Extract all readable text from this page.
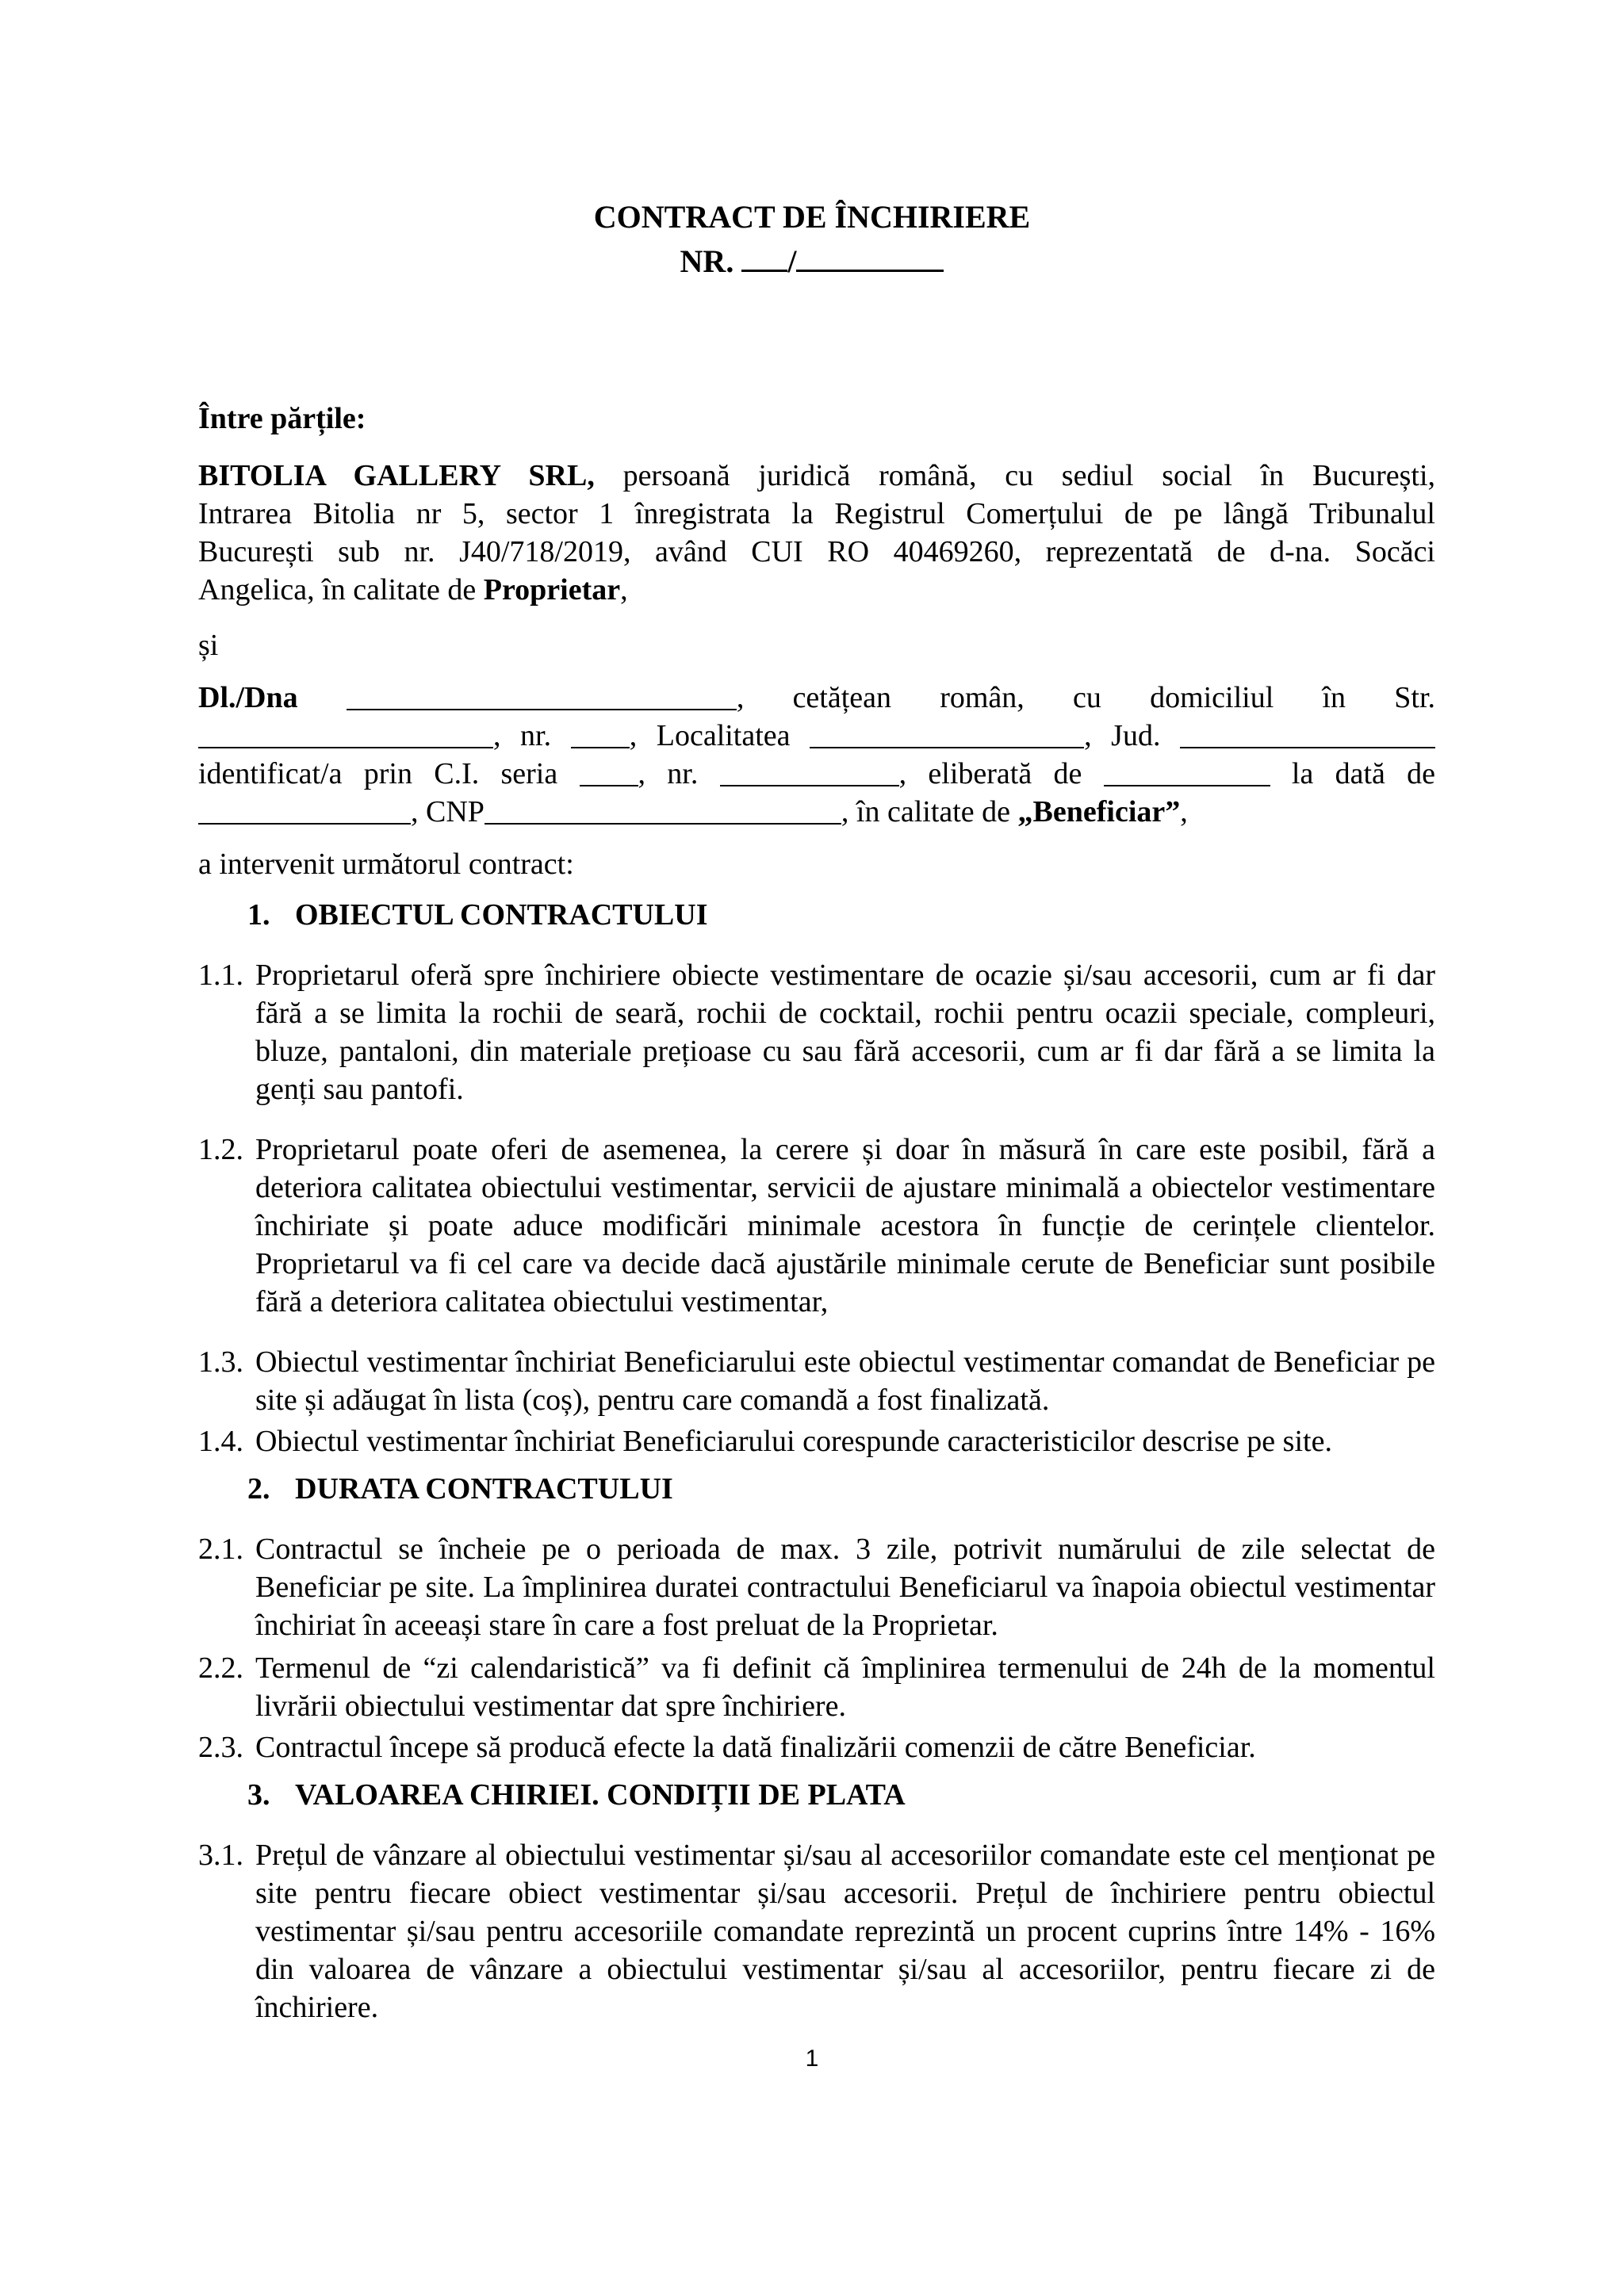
CONTRACT DE ÎNCHIRIERE
NR. /
Între părțile:
BITOLIA GALLERY SRL, persoană juridică română, cu sediul social în București,
Intrarea Bitolia nr 5, sector 1 înregistrata la Registrul Comerțului de pe lângă Tribunalul
București sub nr. J40/718/2019, având CUI RO 40469260, reprezentată de d-na. Socăci
Angelica, în calitate de Proprietar,
și
Dl./Dna	, cetățean român, cu domiciliul în Str.
, nr.	, Localitatea	, Jud.
identificat/a prin C.I. seria	, nr.	, eliberată de	la dată de
, CNP	, în calitate de „Beneficiar”,
a intervenit următorul contract:
1. OBIECTUL CONTRACTULUI
1.1. Proprietarul oferă spre închiriere obiecte vestimentare de ocazie și/sau accesorii, cum ar fi dar fără a se limita la rochii de seară, rochii de cocktail, rochii pentru ocazii speciale, compleuri, bluze, pantaloni, din materiale prețioase cu sau fără accesorii, cum ar fi dar fără a se limita la genți sau pantofi.
1.2. Proprietarul poate oferi de asemenea, la cerere și doar în măsură în care este posibil, fără a deteriora calitatea obiectului vestimentar, servicii de ajustare minimală a obiectelor vestimentare închiriate și poate aduce modificări minimale acestora în funcție de cerințele clientelor. Proprietarul va fi cel care va decide dacă ajustările minimale cerute de Beneficiar sunt posibile fără a deteriora calitatea obiectului vestimentar,
1.3. Obiectul vestimentar închiriat Beneficiarului este obiectul vestimentar comandat de Beneficiar pe site și adăugat în lista (coș), pentru care comandă a fost finalizată.
1.4. Obiectul vestimentar închiriat Beneficiarului corespunde caracteristicilor descrise pe site.
2. DURATA CONTRACTULUI
2.1. Contractul se încheie pe o perioada de max. 3 zile, potrivit numărului de zile selectat de Beneficiar pe site. La împlinirea duratei contractului Beneficiarul va înapoia obiectul vestimentar închiriat în aceeași stare în care a fost preluat de la Proprietar.
2.2. Termenul de “zi calendaristică” va fi definit că împlinirea termenului de 24h de la momentul livrării obiectului vestimentar dat spre închiriere.
2.3. Contractul începe să producă efecte la dată finalizării comenzii de către Beneficiar.
3. VALOAREA CHIRIEI. CONDIȚII DE PLATA
3.1. Prețul de vânzare al obiectului vestimentar și/sau al accesoriilor comandate este cel menționat pe site pentru fiecare obiect vestimentar și/sau accesorii. Prețul de închiriere pentru obiectul vestimentar și/sau pentru accesoriile comandate reprezintă un procent cuprins între 14% - 16% din valoarea de vânzare a obiectului vestimentar și/sau al accesoriilor, pentru fiecare zi de închiriere.
1
